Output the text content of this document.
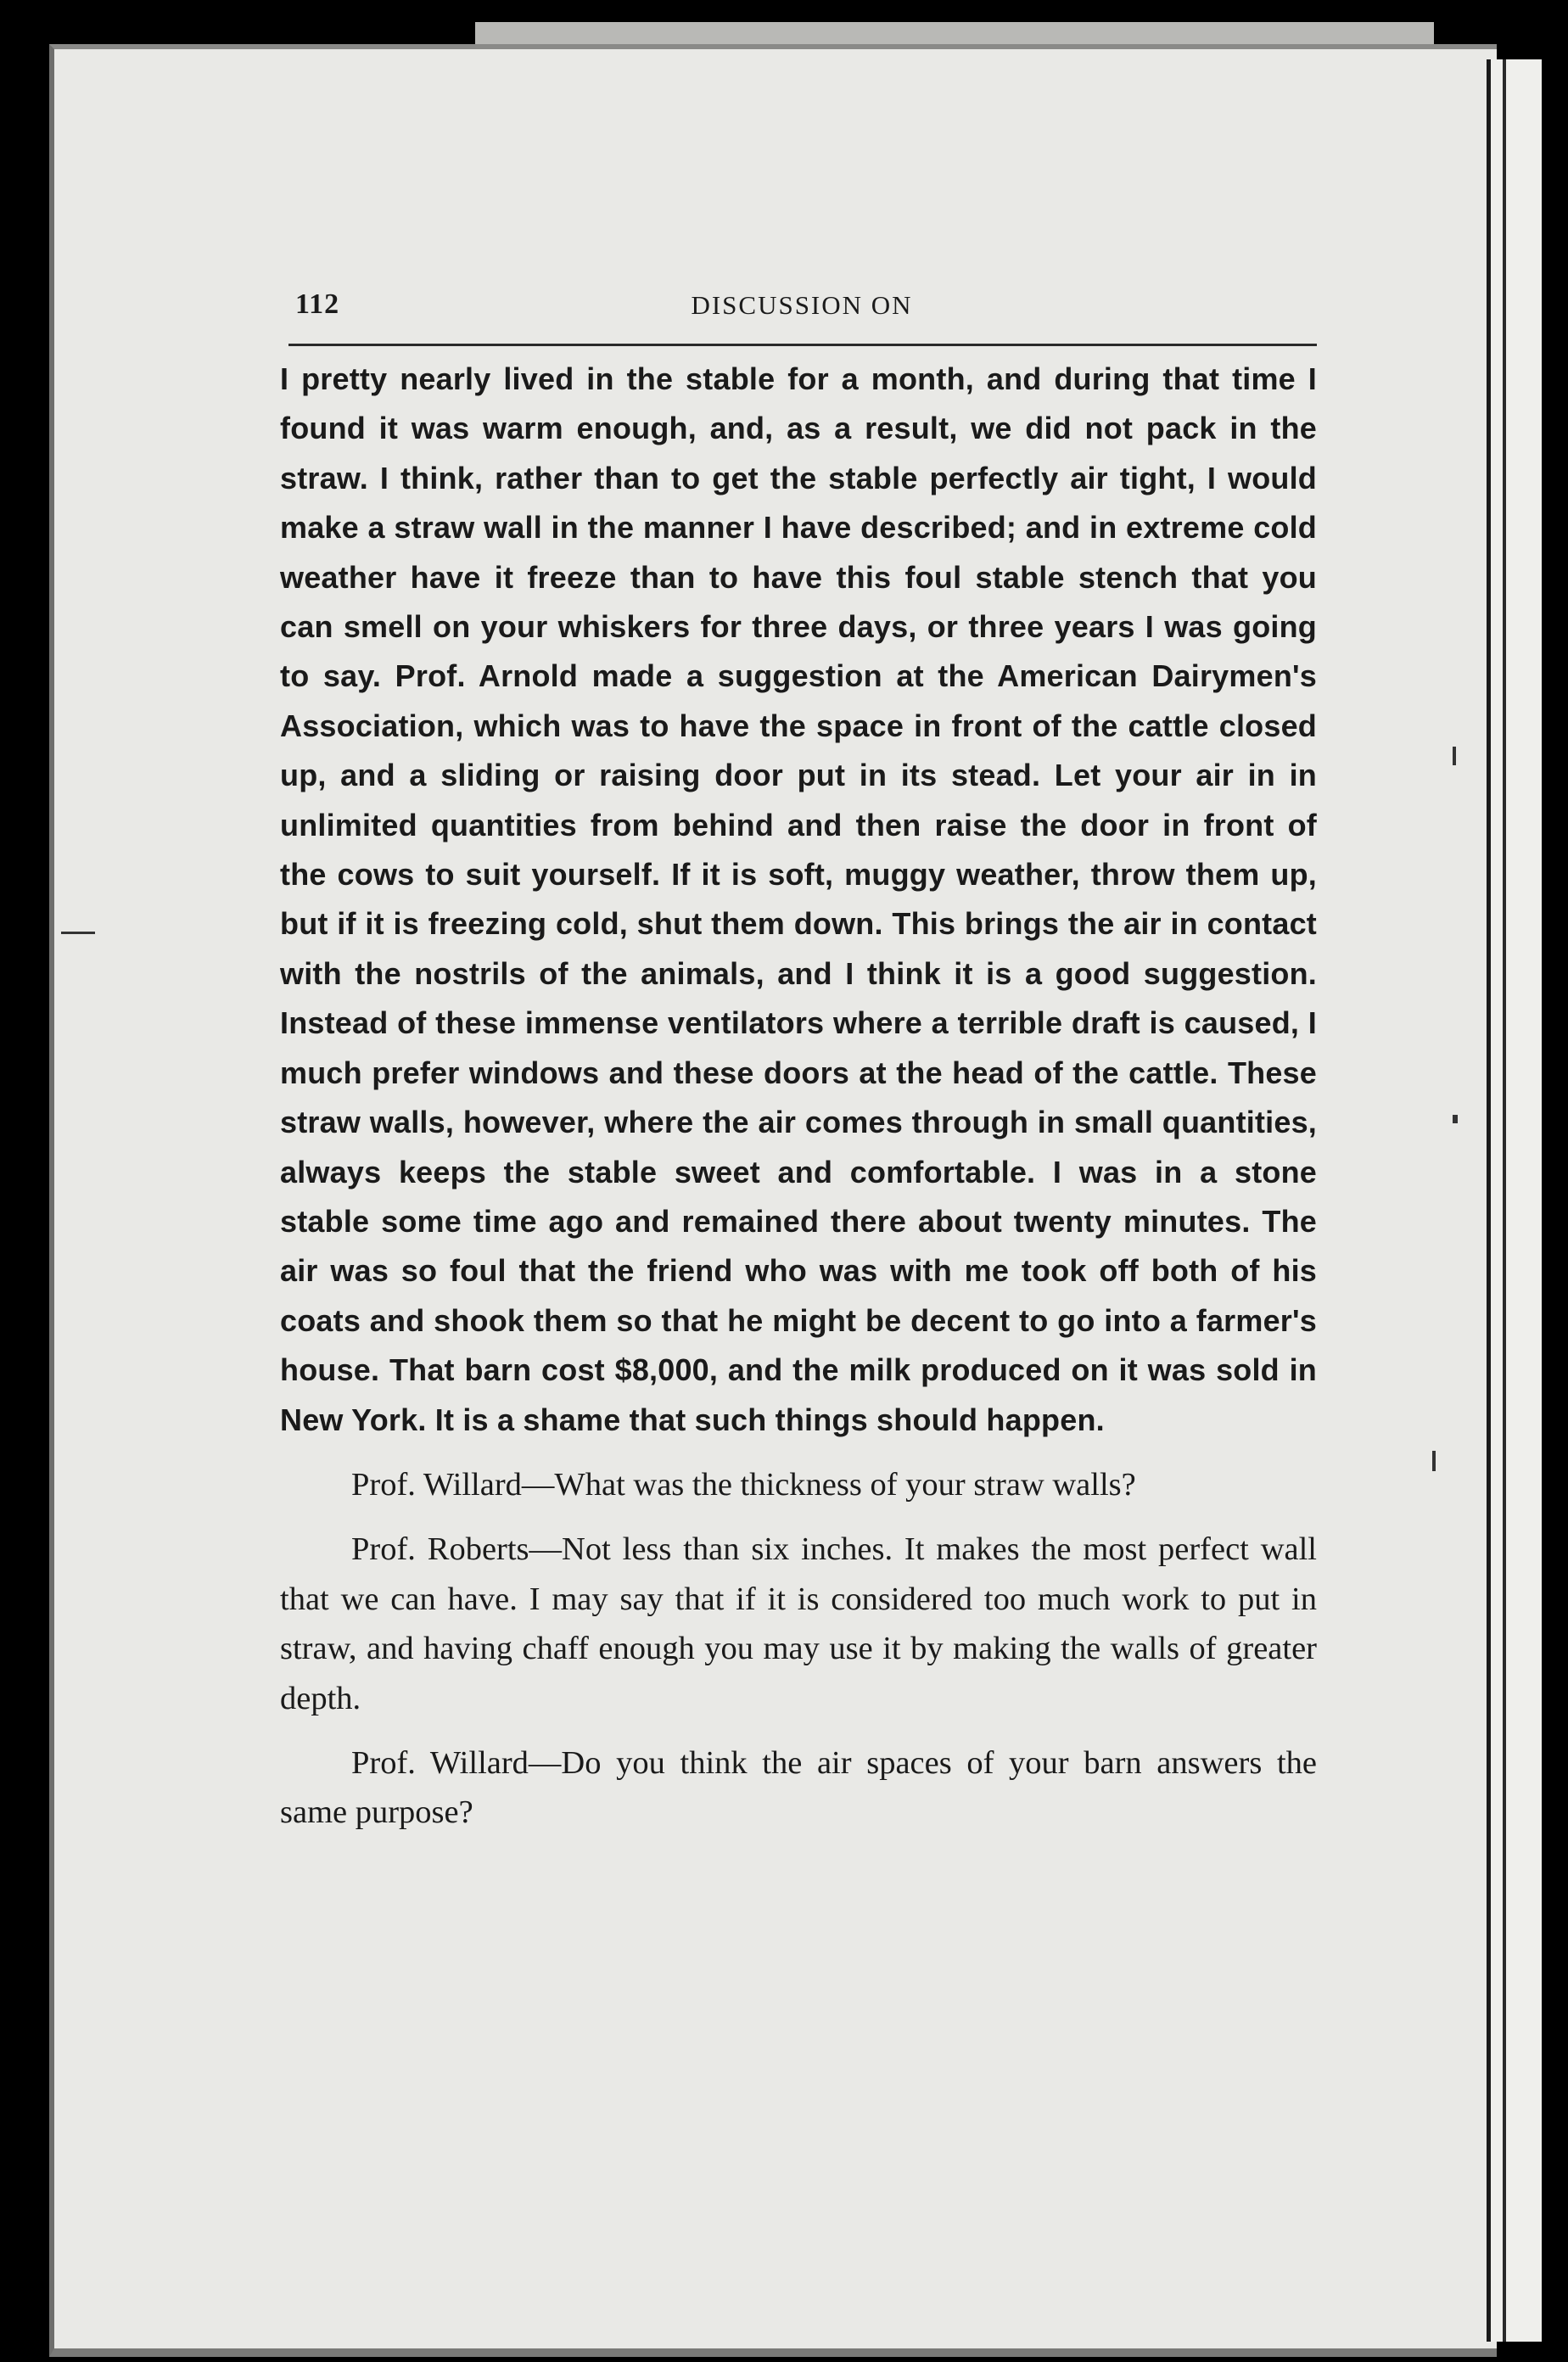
112	DISCUSSION ON

I pretty nearly lived in the stable for a month, and during that time I found it was warm enough, and, as a result, we did not pack in the straw. I think, rather than to get the stable perfectly air tight, I would make a straw wall in the manner I have described; and in extreme cold weather have it freeze than to have this foul stable stench that you can smell on your whiskers for three days, or three years I was going to say. Prof. Arnold made a suggestion at the American Dairymen's Association, which was to have the space in front of the cattle closed up, and a sliding or raising door put in its stead. Let your air in in unlimited quantities from behind and then raise the door in front of the cows to suit yourself. If it is soft, muggy weather, throw them up, but if it is freezing cold, shut them down. This brings the air in contact with the nostrils of the animals, and I think it is a good suggestion. Instead of these immense ventilators where a terrible draft is caused, I much prefer windows and these doors at the head of the cattle. These straw walls, however, where the air comes through in small quantities, always keeps the stable sweet and comfortable. I was in a stone stable some time ago and remained there about twenty minutes. The air was so foul that the friend who was with me took off both of his coats and shook them so that he might be decent to go into a farmer's house. That barn cost $8,000, and the milk produced on it was sold in New York. It is a shame that such things should happen.

Prof. Willard—What was the thickness of your straw walls?

Prof. Roberts—Not less than six inches. It makes the most perfect wall that we can have. I may say that if it is considered too much work to put in straw, and having chaff enough you may use it by making the walls of greater depth.

Prof. Willard—Do you think the air spaces of your barn answers the same purpose?
